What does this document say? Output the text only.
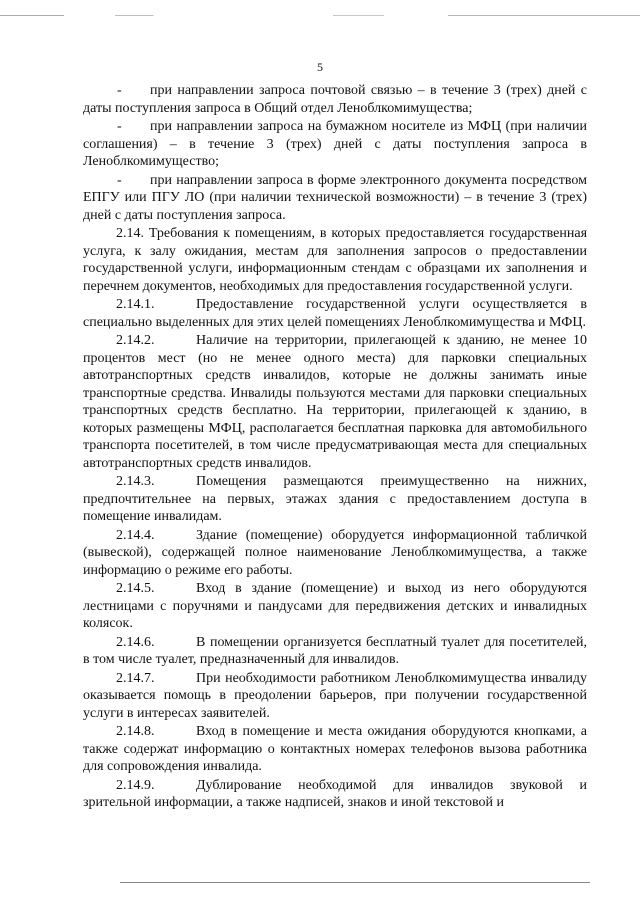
5

- при направлении запроса почтовой связью – в течение 3 (трех) дней с даты поступления запроса в Общий отдел Леноблкомимущества;

- при направлении запроса на бумажном носителе из МФЦ (при наличии соглашения) – в течение 3 (трех) дней с даты поступления запроса в Леноблкомимущество;

- при направлении запроса в форме электронного документа посредством ЕПГУ или ПГУ ЛО (при наличии технической возможности) – в течение 3 (трех) дней с даты поступления запроса.

2.14. Требования к помещениям, в которых предоставляется государственная услуга, к залу ожидания, местам для заполнения запросов о предоставлении государственной услуги, информационным стендам с образцами их заполнения и перечнем документов, необходимых для предоставления государственной услуги.

2.14.1.	Предоставление государственной услуги осуществляется в специально выделенных для этих целей помещениях Леноблкомимущества и МФЦ.

2.14.2.	Наличие на территории, прилегающей к зданию, не менее 10 процентов мест (но не менее одного места) для парковки специальных автотранспортных средств инвалидов, которые не должны занимать иные транспортные средства. Инвалиды пользуются местами для парковки специальных транспортных средств бесплатно. На территории, прилегающей к зданию, в которых размещены МФЦ, располагается бесплатная парковка для автомобильного транспорта посетителей, в том числе предусматривающая места для специальных автотранспортных средств инвалидов.

2.14.3.	Помещения размещаются преимущественно на нижних, предпочтительнее на первых, этажах здания с предоставлением доступа в помещение инвалидам.

2.14.4.	Здание (помещение) оборудуется информационной табличкой (вывеской), содержащей полное наименование Леноблкомимущества, а также информацию о режиме его работы.

2.14.5.	Вход в здание (помещение) и выход из него оборудуются лестницами с поручнями и пандусами для передвижения детских и инвалидных колясок.

2.14.6.	В помещении организуется бесплатный туалет для посетителей, в том числе туалет, предназначенный для инвалидов.

2.14.7.	При необходимости работником Леноблкомимущества инвалиду оказывается помощь в преодолении барьеров, при получении государственной услуги в интересах заявителей.

2.14.8.	Вход в помещение и места ожидания оборудуются кнопками, а также содержат информацию о контактных номерах телефонов вызова работника для сопровождения инвалида.

2.14.9.	Дублирование необходимой для инвалидов звуковой и зрительной информации, а также надписей, знаков и иной текстовой и
